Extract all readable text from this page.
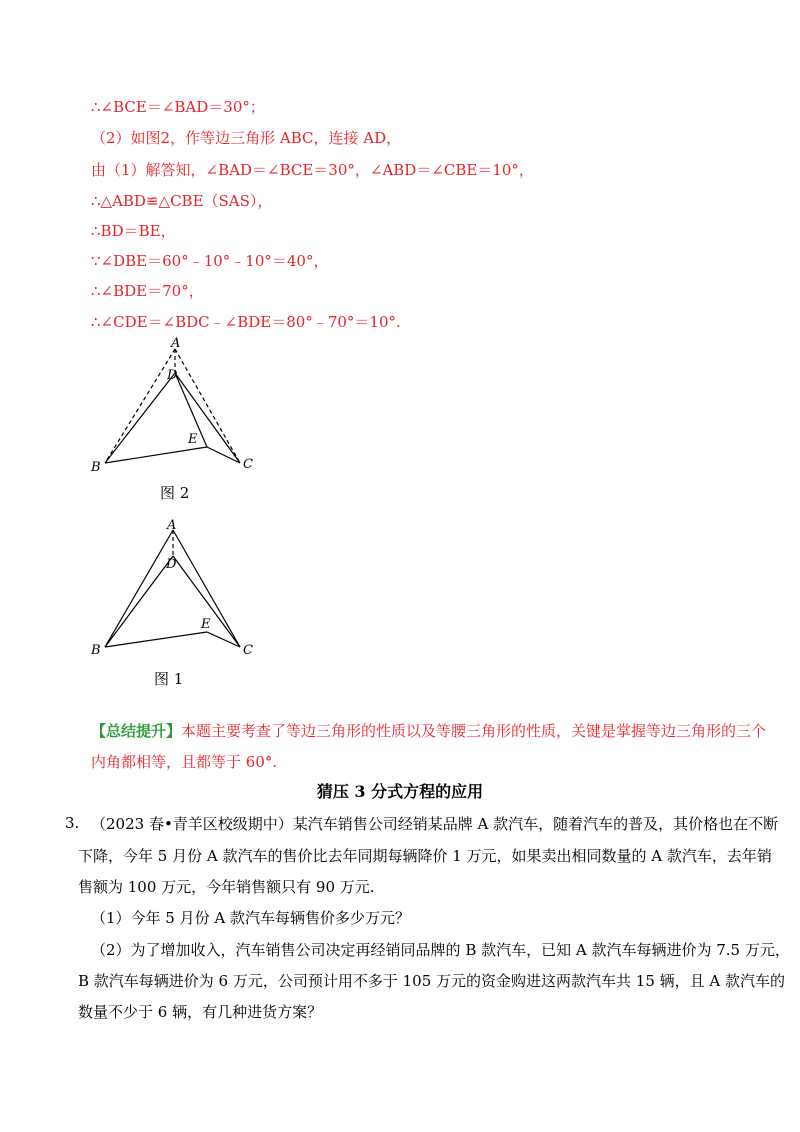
∴∠BCE＝∠BAD＝30°；
（2）如图2，作等边三角形 ABC，连接 AD，
由（1）解答知，∠BAD＝∠BCE＝30°，∠ABD＝∠CBE＝10°，
∴△ABD≌△CBE（SAS），
∴BD＝BE，
∵∠DBE＝60°﹣10°﹣10°＝40°，
∴∠BDE＝70°，
∴∠CDE＝∠BDC﹣∠BDE＝80°﹣70°＝10°.
A
D
E
B	C
图 2
A
D
E
B	C
图 1
【总结提升】本题主要考查了等边三角形的性质以及等腰三角形的性质，关键是掌握等边三角形的三个
内角都相等，且都等于 60°.
猜压 3 分式方程的应用
3. （2023 春•青羊区校级期中）某汽车销售公司经销某品牌 A 款汽车，随着汽车的普及，其价格也在不断
下降，今年 5 月份 A 款汽车的售价比去年同期每辆降价 1 万元，如果卖出相同数量的 A 款汽车，去年销
售额为 100 万元，今年销售额只有 90 万元.
（1）今年 5 月份 A 款汽车每辆售价多少万元？
（2）为了增加收入，汽车销售公司决定再经销同品牌的 B 款汽车，已知 A 款汽车每辆进价为 7.5 万元，
B 款汽车每辆进价为 6 万元，公司预计用不多于 105 万元的资金购进这两款汽车共 15 辆，且 A 款汽车的
数量不少于 6 辆，有几种进货方案？
